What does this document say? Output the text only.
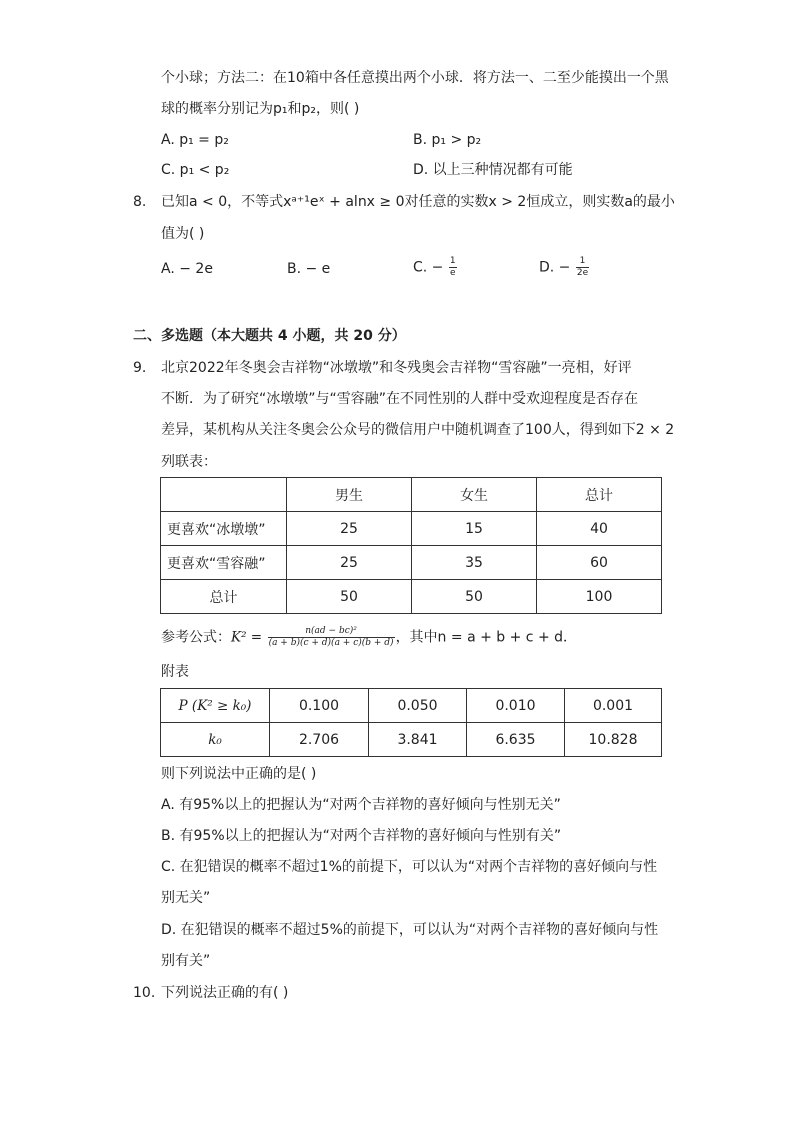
个小球；方法二：在10箱中各任意摸出两个小球．将方法一、二至少能摸出一个黑
球的概率分别记为p₁和p₂，则( )
A. p₁ = p₂	B. p₁ > p₂
C. p₁ < p₂	D. 以上三种情况都有可能
8. 已知a < 0，不等式xᵃ⁺¹eˣ + alnx ≥ 0对任意的实数x > 2恒成立，则实数a的最小
值为( )
A. − 2e	B. − e	C. − $\frac{1}{e}$	D. − $\frac{1}{2e}$
二、多选题（本大题共 4 小题，共 20 分）
9. 北京2022年冬奥会吉祥物“冰墩墩”和冬残奥会吉祥物“雪容融”一亮相，好评
不断．为了研究“冰墩墩”与“雪容融”在不同性别的人群中受欢迎程度是否存在
差异，某机构从关注冬奥会公众号的微信用户中随机调查了100人，得到如下2 × 2
列联表：
	男生	女生	总计
更喜欢“冰墩墩”	25	15	40
更喜欢“雪容融”	25	35	60
总计	50	50	100
参考公式：$K^2 = \frac{\text{n(ad − bc)²}}{(a + b)(c + d)(a + c)(b + d)}$ ，其中n = a + b + c + d．
附表
P (K² ≥ k₀)	0.100	0.050	0.010	0.001
k₀	2.706	3.841	6.635	10.828
则下列说法中正确的是( )
A. 有95%以上的把握认为“对两个吉祥物的喜好倾向与性别无关”
B. 有95%以上的把握认为“对两个吉祥物的喜好倾向与性别有关”
C. 在犯错误的概率不超过1%的前提下，可以认为“对两个吉祥物的喜好倾向与性
别无关”
D. 在犯错误的概率不超过5%的前提下，可以认为“对两个吉祥物的喜好倾向与性
别有关”
10. 下列说法正确的有( )
